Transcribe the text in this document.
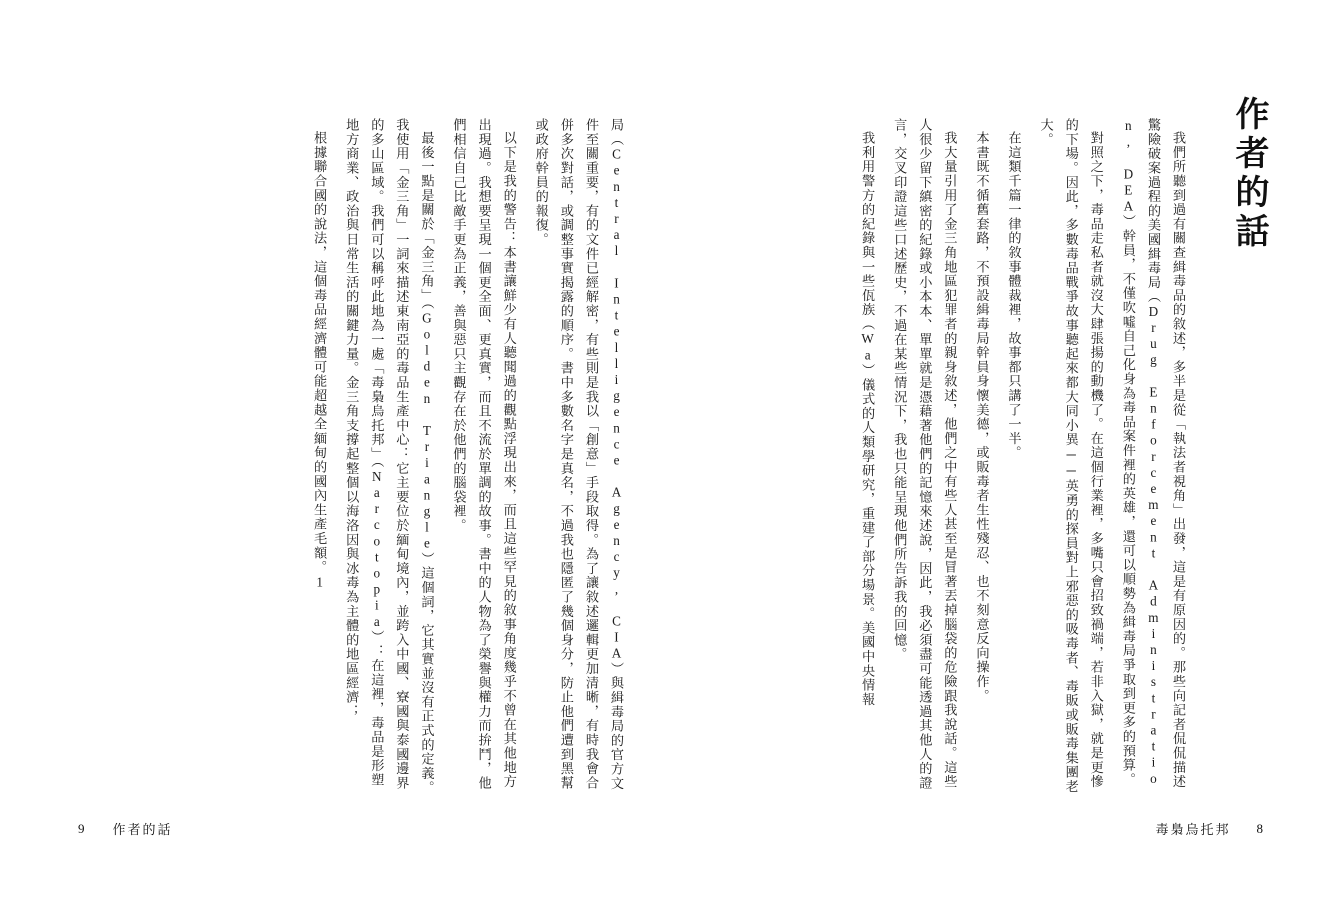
作者的話
我們所聽到過有關查緝毒品的敘述，多半是從「執法者視角」出發，這是有原因的。那些向記者侃侃描述驚險破案過程的美國緝毒局（Drug Enforcement Administration, DEA）幹員，不僅吹噓自己化身為毒品案件裡的英雄，還可以順勢為緝毒局爭取到更多的預算。
對照之下，毒品走私者就沒大肆張揚的動機了。在這個行業裡，多嘴只會招致禍端，若非入獄，就是更慘的下場。因此，多數毒品戰爭故事聽起來都大同小異──英勇的探員對上邪惡的吸毒者、毒販或販毒集團老大。
在這類千篇一律的敘事體裁裡，故事都只講了一半。
本書既不循舊套路，不預設緝毒局幹員身懷美德，或販毒者生性殘忍、也不刻意反向操作。
我大量引用了金三角地區犯罪者的親身敘述，他們之中有些人甚至是冒著丟掉腦袋的危險跟我說話。這些人很少留下縝密的紀錄或小本本、單單就是憑藉著他們的記憶來述說，因此，我必須盡可能透過其他人的證言，交叉印證這些口述歷史，不過在某些情況下，我也只能呈現他們所告訴我的回憶。
我利用警方的紀錄與一些佤族（Wa）儀式的人類學研究，重建了部分場景。美國中央情報
毒梟烏托邦 8
局（Central Intelligence Agency, CIA）與緝毒局的官方文件至關重要，有的文件已經解密，有些則是我以「創意」手段取得。為了讓敘述邏輯更加清晰，有時我會合併多次對話，或調整事實揭露的順序。書中多數名字是真名，不過我也隱匿了幾個身分，防止他們遭到黑幫或政府幹員的報復。
以下是我的警告：本書讓鮮少有人聽聞過的觀點浮現出來，而且這些罕見的敘事角度幾乎不曾在其他地方出現過。我想要呈現一個更全面、更真實，而且不流於單調的故事。書中的人物為了榮譽與權力而拚鬥，他們相信自己比敵手更為正義，善與惡只主觀存在於他們的腦袋裡。
最後一點是關於「金三角」（Golden Triangle）這個詞，它其實並沒有正式的定義。我使用「金三角」一詞來描述東南亞的毒品生產中心：它主要位於緬甸境內，並跨入中國、寮國與泰國邊界的多山區域。我們可以稱呼此地為一處「毒梟烏托邦」（Narcotopia）：在這裡，毒品是形塑地方商業、政治與日常生活的關鍵力量。金三角支撐起整個以海洛因與冰毒為主體的地區經濟；
根據聯合國的說法，這個毒品經濟體可能超越全緬甸的國內生產毛額。1
9 作者的話
